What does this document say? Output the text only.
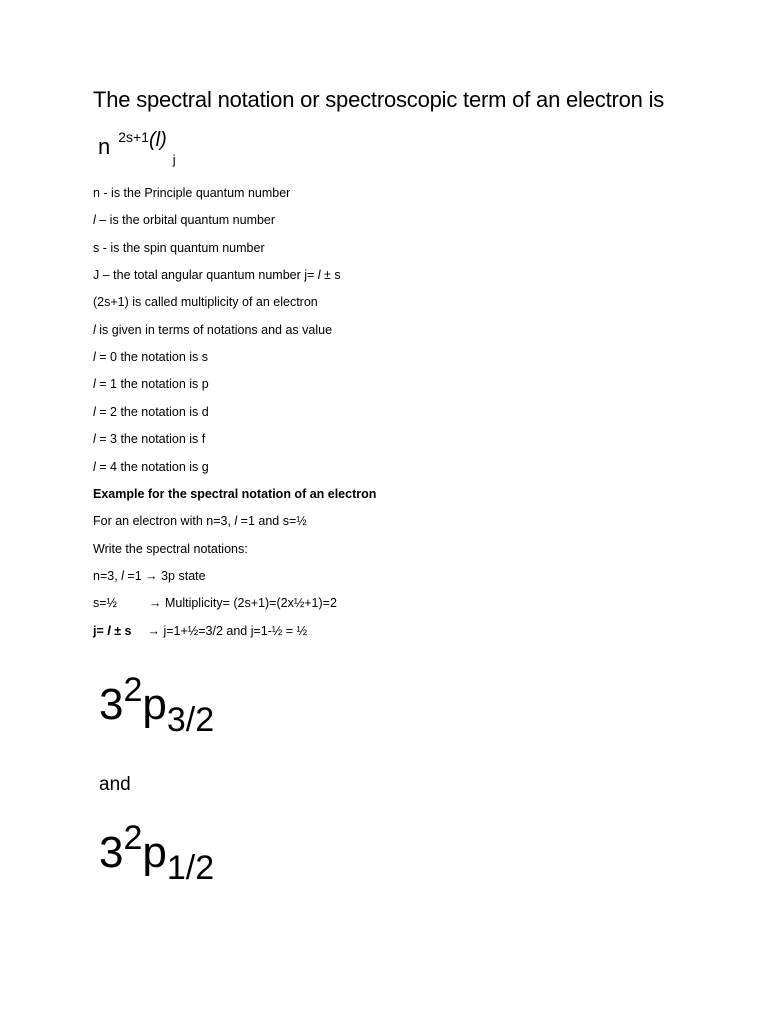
The spectral notation or spectroscopic term of an electron is
n $^{2s+1}(l)_j$
n - is the Principle quantum number
l – is the orbital quantum number
s - is the spin quantum number
J – the total angular quantum number j= l ± s
(2s+1) is called multiplicity of an electron
l is given in terms of notations and as value
l = 0 the notation is s
l = 1 the notation is p
l = 2 the notation is d
l = 3 the notation is f
l = 4 the notation is g
Example for the spectral notation of an electron
For an electron with n=3, l =1 and s=½
Write the spectral notations:
n=3, l =1 → 3p state
s=½	→ Multiplicity= (2s+1)=(2x½+1)=2
j= l ± s → j=1+½=3/2 and j=1-½ = ½
$3^2p_{3/2}$
and
$3^2p_{1/2}$
